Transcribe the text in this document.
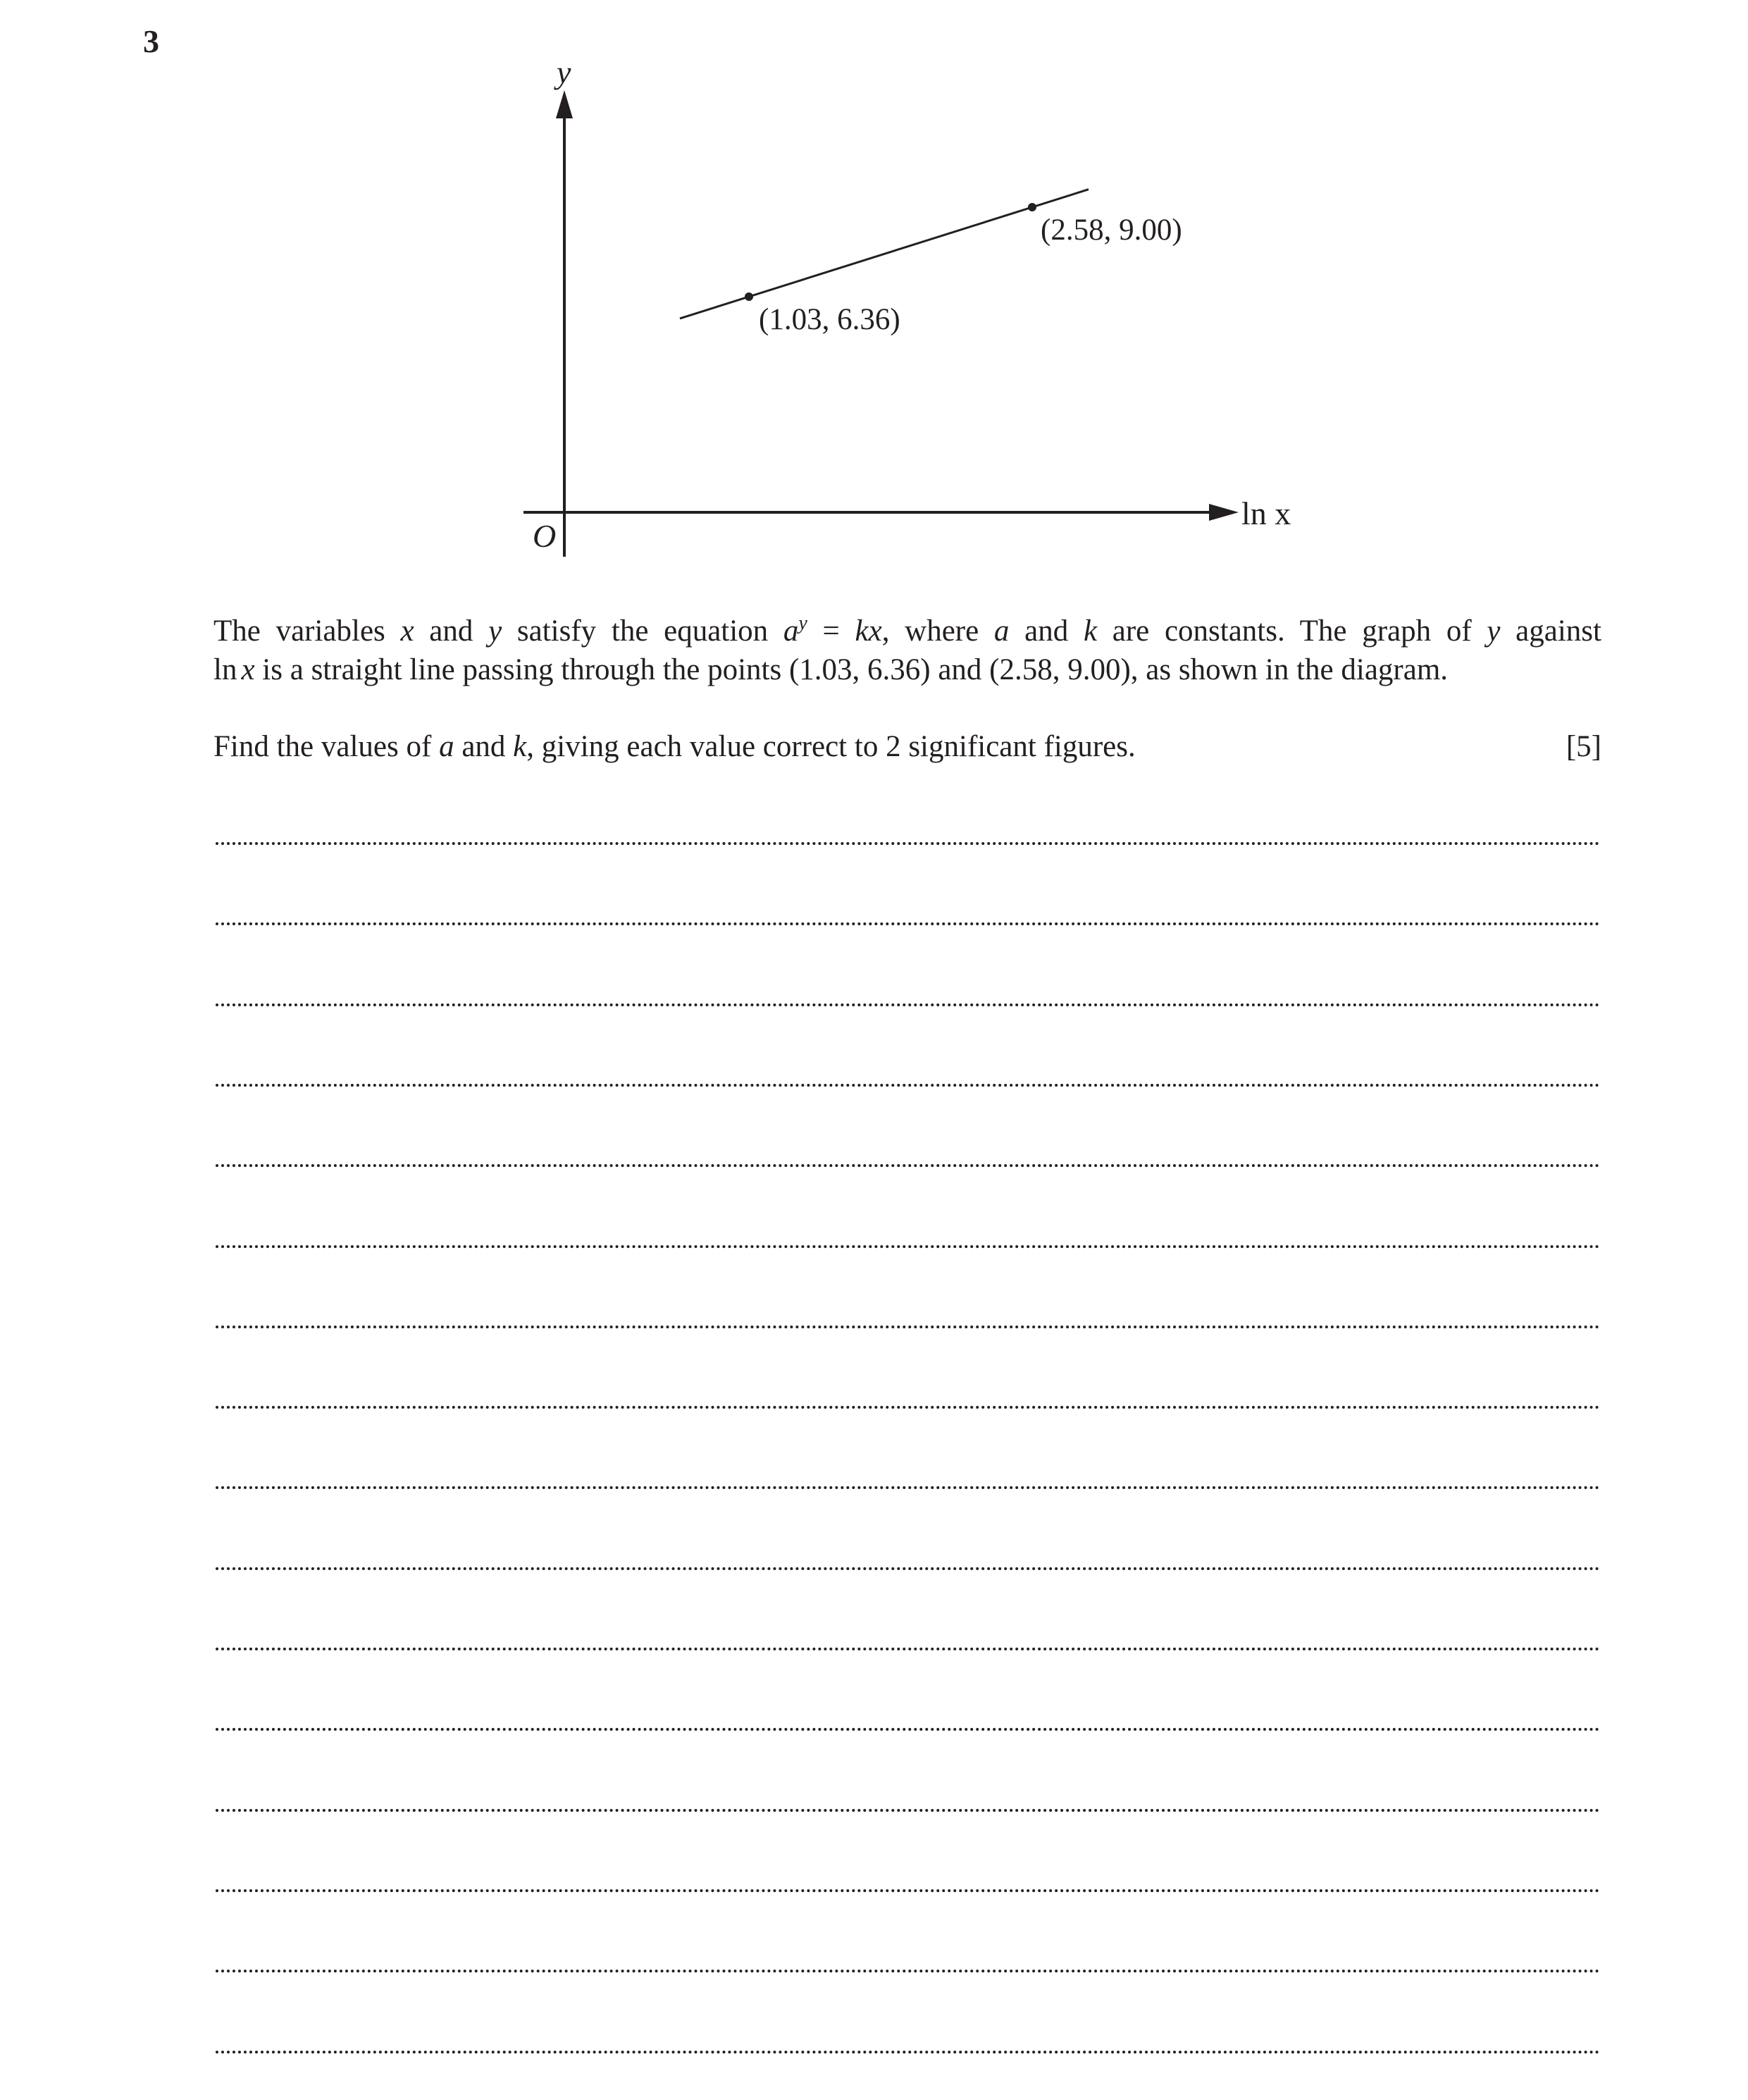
3
y
ln x
O
(1.03, 6.36)
(2.58, 9.00)
The variables x and y satisfy the equation $a^y$ = kx, where a and k are constants. The graph of y against
ln x is a straight line passing through the points (1.03, 6.36) and (2.58, 9.00), as shown in the diagram.
Find the values of a and k, giving each value correct to 2 significant figures.	[5]
